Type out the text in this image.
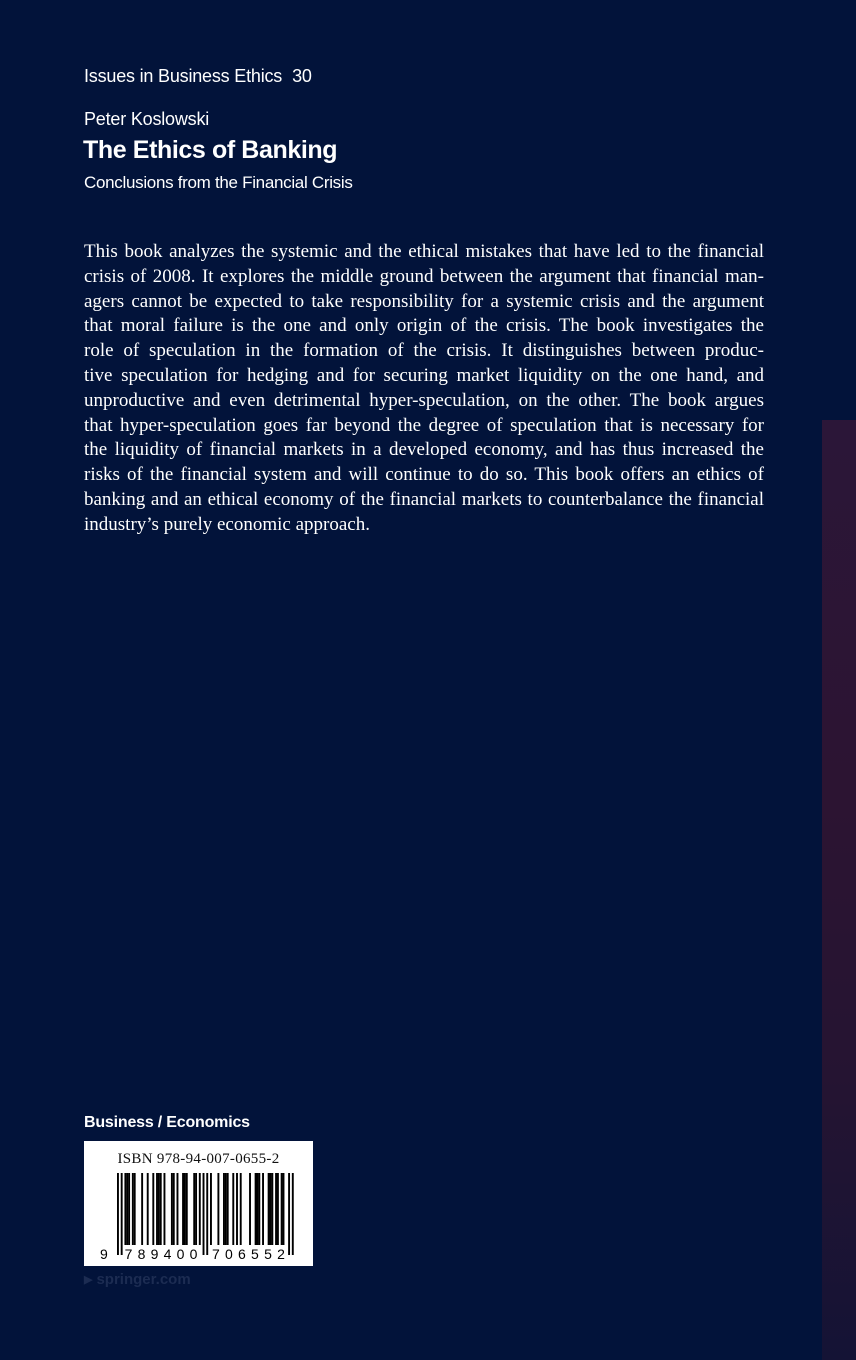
Issues in Business Ethics 30
Peter Koslowski
The Ethics of Banking
Conclusions from the Financial Crisis
This book analyzes the systemic and the ethical mistakes that have led to the financial
crisis of 2008. It explores the middle ground between the argument that financial man-
agers cannot be expected to take responsibility for a systemic crisis and the argument
that moral failure is the one and only origin of the crisis. The book investigates the
role of speculation in the formation of the crisis. It distinguishes between produc-
tive speculation for hedging and for securing market liquidity on the one hand, and
unproductive and even detrimental hyper-speculation, on the other. The book argues
that hyper-speculation goes far beyond the degree of speculation that is necessary for
the liquidity of financial markets in a developed economy, and has thus increased the
risks of the financial system and will continue to do so. This book offers an ethics of
banking and an ethical economy of the financial markets to counterbalance the financial
industry’s purely economic approach.
Business / Economics
9 7 8 9 4 0 0 7 0 6 5 5 2
ISBN 978-94-007-0655-2
▶ springer.com
